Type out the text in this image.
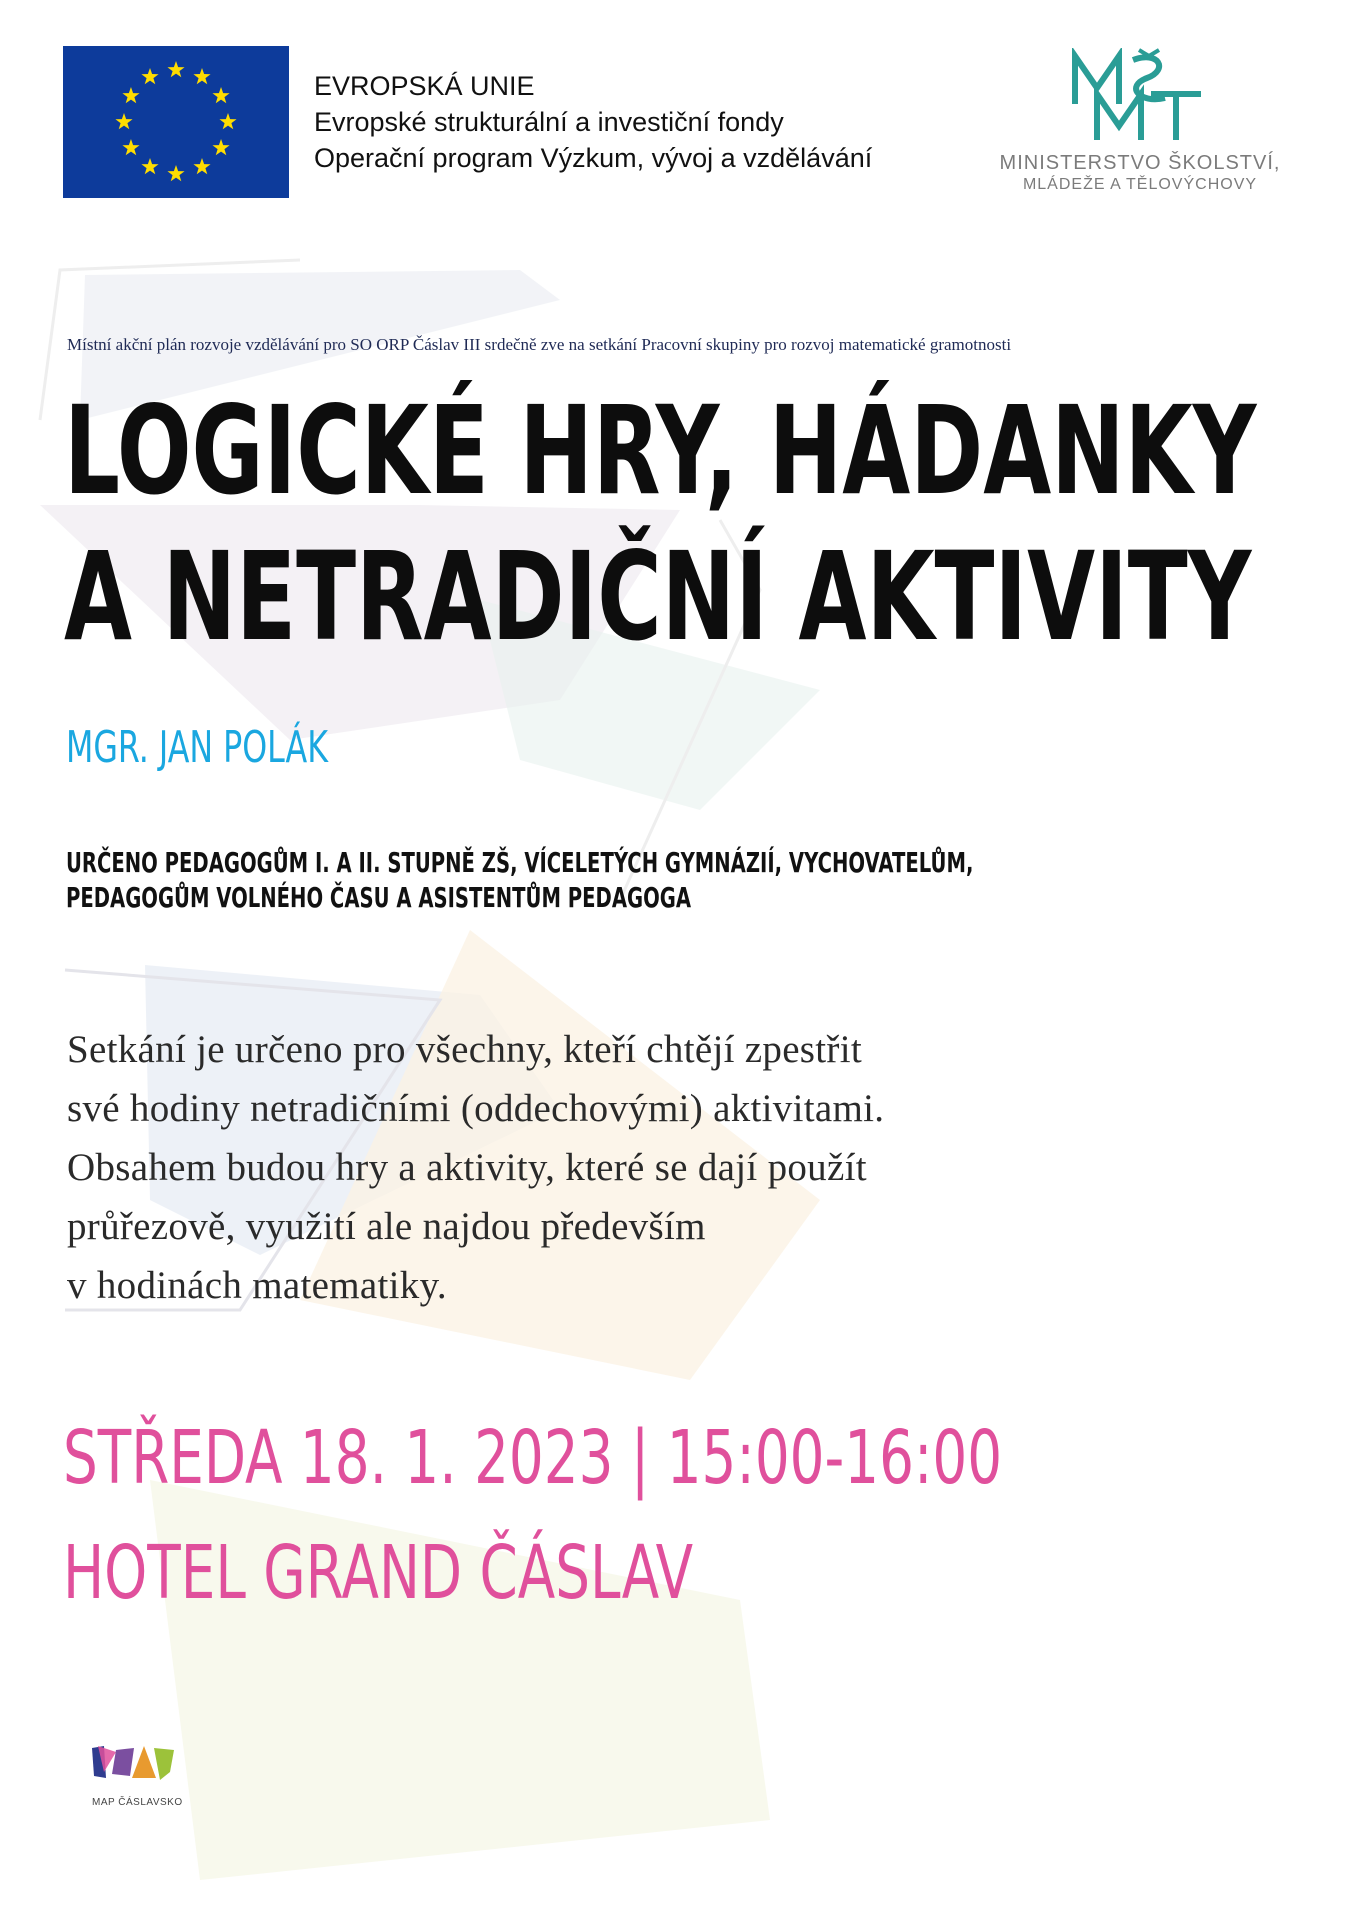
EVROPSKÁ UNIE
Evropské strukturální a investiční fondy
Operační program Výzkum, vývoj a vzdělávání	MINISTERSTVO ŠKOLSTVÍ,
MLÁDEŽE A TĚLOVÝCHOVY
Místní akční plán rozvoje vzdělávání pro SO ORP Čáslav III srdečně zve na setkání Pracovní skupiny pro rozvoj matematické gramotnosti
LOGICKÉ HRY, HÁDANKY
A NETRADIČNÍ AKTIVITY
MGR. JAN POLÁK
URČENO PEDAGOGŮM I. A II. STUPNĚ ZŠ, VÍCELETÝCH GYMNÁZIÍ, VYCHOVATELŮM,
PEDAGOGŮM VOLNÉHO ČASU A ASISTENTŮM PEDAGOGA
Setkání je určeno pro všechny, kteří chtějí zpestřit
své hodiny netradičními (oddechovými) aktivitami.
Obsahem budou hry a aktivity, které se dají použít
průřezově, využití ale najdou především
v hodinách matematiky.
STŘEDA 18. 1. 2023 | 15:00-16:00
HOTEL GRAND ČÁSLAV
MAP ČÁSLAVSKO
